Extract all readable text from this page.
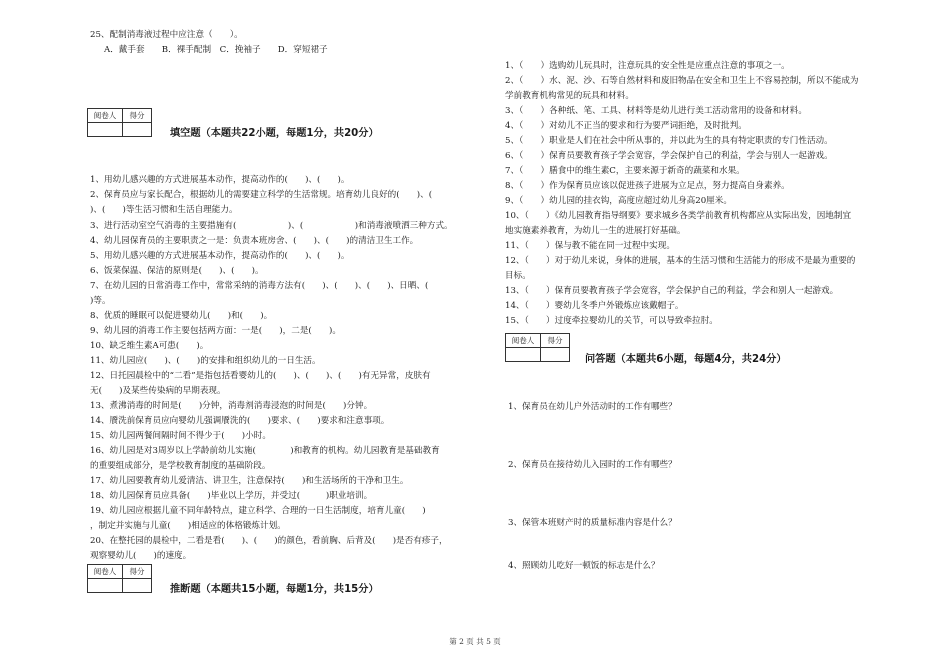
25、配制消毒液过程中应注意（　　）。
A．戴手套　　B．裸手配制　C．挽袖子　　D．穿短裙子
阅卷人	得分
填空题（本题共22小题，每题1分，共20分）
1、用幼儿感兴趣的方式进展基本动作，提高动作的(　　)、(　　)。
2、保育员应与家长配合，根据幼儿的需要建立科学的生活常规。培育幼儿良好的(　　)、(
)、(　　)等生活习惯和生活自理能力。
3、进行活动室空气消毒的主要措施有(　　　　　　)、(　　　　　　)和消毒液喷洒三种方式。
4、幼儿园保育员的主要职责之一是：负责本班房舍、(　　)、(　　)的清洁卫生工作。
5、用幼儿感兴趣的方式进展基本动作，提高动作的(　　)、(　　)。
6、饭菜保温、保洁的原则是(　　)、(　　)。
7、在幼儿园的日常消毒工作中，常常采纳的消毒方法有(　　)、(　　)、(　　)、日晒、(
)等。
8、优质的睡眠可以促进婴幼儿(　　)和(　　)。
9、幼儿园的消毒工作主要包括两方面：一是(　　)，二是(　　)。
10、缺乏维生素A可患(　　)。
11、幼儿园应(　　)、(　　)的安排和组织幼儿的一日生活。
12、日托园晨检中的“二看”是指包括看婴幼儿的(　　)、(　　)、(　　)有无异常，皮肤有
无(　　)及某些传染病的早期表现。
13、煮沸消毒的时间是(　　)分钟，消毒剂消毒浸泡的时间是(　　)分钟。
14、餍洗前保育员应向婴幼儿强调餍洗的(　　)要求、(　　)要求和注意事项。
15、幼儿园两餐间隔时间不得少于(　　)小时。
16、幼儿园是对3周岁以上学龄前幼儿实施(　　　　)和教育的机构。幼儿园教育是基础教育
的重要组成部分，是学校教育制度的基础阶段。
17、幼儿园要教育幼儿爱清洁、讲卫生，注意保持(　　)和生活场所的干净和卫生。
18、幼儿园保育员应具备(　　)毕业以上学历，并受过(　　　)职业培训。
19、幼儿园应根据儿童不同年龄特点，建立科学、合理的一日生活制度，培育儿童(　　)
，制定并实施与儿童(　　)相适应的体格锻炼计划。
20、在整托园的晨检中，二看是看(　　)、(　　)的颜色，看前胸、后背及(　　)是否有疹子，
观察婴幼儿(　　)的速度。
阅卷人	得分
推断题（本题共15小题，每题1分，共15分）
1、（　　）选购幼儿玩具时，注意玩具的安全性是应重点注意的事项之一。
2、（　　）水、泥、沙、石等自然材料和废旧物品在安全和卫生上不容易控制，所以不能成为
学前教育机构常见的玩具和材料。
3、（　　）各种纸、笔、工具、材料等是幼儿进行美工活动常用的设备和材料。
4、（　　）对幼儿不正当的要求和行为要严词拒绝，及时批判。
5、（　　）职业是人们在社会中所从事的，并以此为生的具有特定职责的专门性活动。
6、（　　）保育员要教育孩子学会宽容，学会保护自己的利益，学会与别人一起游戏。
7、（　　）膳食中的维生素C，主要来源于新奇的蔬菜和水果。
8、（　　）作为保育员应该以促进孩子进展为立足点，努力提高自身素养。
9、（　　）幼儿园的挂衣钩，高度应超过幼儿身高20厘米。
10、（　　）《幼儿园教育指导纲要》要求城乡各类学前教育机构都应从实际出发，因地制宜
地实施素养教育，为幼儿一生的进展打好基础。
11、（　　）保与教不能在同一过程中实现。
12、（　　）对于幼儿来说，身体的进展，基本的生活习惯和生活能力的形成不是最为重要的
目标。
13、（　　）保育员要教育孩子学会宽容，学会保护自己的利益，学会和别人一起游戏。
14、（　　）婴幼儿冬季户外锻炼应该戴帽子。
15、（　　）过度牵拉婴幼儿的关节，可以导致牵拉肘。
阅卷人	得分
问答题（本题共6小题，每题4分，共24分）
1、保育员在幼儿户外活动时的工作有哪些？
2、保育员在接待幼儿入园时的工作有哪些？
3、保管本班财产时的质量标准内容是什么？
4、照顾幼儿吃好一顿饭的标志是什么？
第 2 页 共 5 页
